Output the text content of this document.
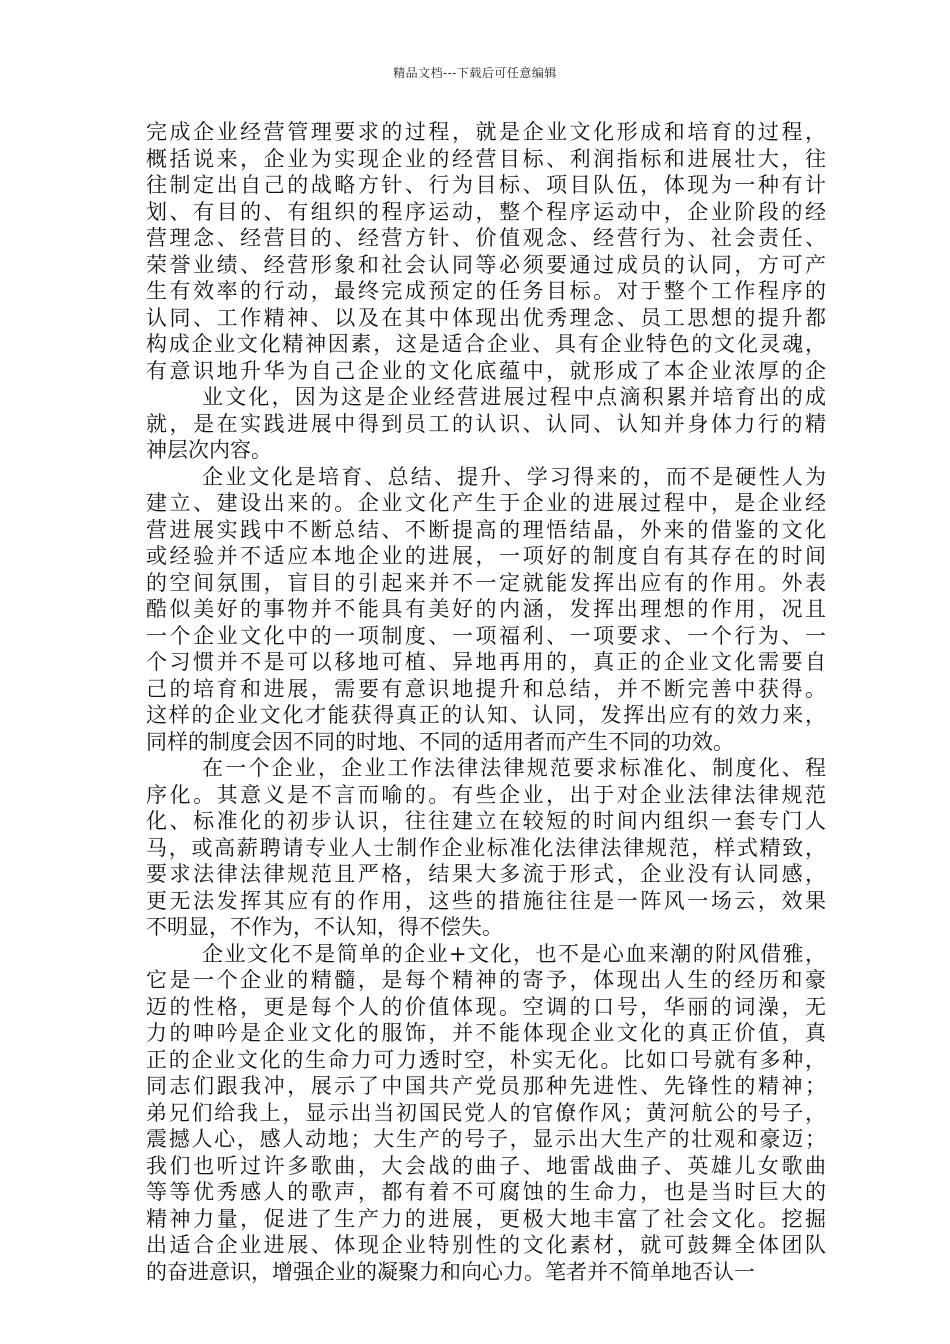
精品文档---下载后可任意编辑
完成企业经营管理要求的过程，就是企业文化形成和培育的过程，
概括说来，企业为实现企业的经营目标、利润指标和进展壮大，往
往制定出自己的战略方针、行为目标、项目队伍，体现为一种有计
划、有目的、有组织的程序运动，整个程序运动中，企业阶段的经
营理念、经营目的、经营方针、价值观念、经营行为、社会责任、
荣誉业绩、经营形象和社会认同等必须要通过成员的认同，方可产
生有效率的行动，最终完成预定的任务目标。对于整个工作程序的
认同、工作精神、以及在其中体现出优秀理念、员工思想的提升都
构成企业文化精神因素，这是适合企业、具有企业特色的文化灵魂，
有意识地升华为自己企业的文化底蕴中，就形成了本企业浓厚的企
业文化，因为这是企业经营进展过程中点滴积累并培育出的成
就，是在实践进展中得到员工的认识、认同、认知并身体力行的精
神层次内容。
企业文化是培育、总结、提升、学习得来的，而不是硬性人为
建立、建设出来的。企业文化产生于企业的进展过程中，是企业经
营进展实践中不断总结、不断提高的理悟结晶，外来的借鉴的文化
或经验并不适应本地企业的进展，一项好的制度自有其存在的时间
的空间氛围，盲目的引起来并不一定就能发挥出应有的作用。外表
酷似美好的事物并不能具有美好的内涵，发挥出理想的作用，况且
一个企业文化中的一项制度、一项福利、一项要求、一个行为、一
个习惯并不是可以移地可植、异地再用的，真正的企业文化需要自
己的培育和进展，需要有意识地提升和总结，并不断完善中获得。
这样的企业文化才能获得真正的认知、认同，发挥出应有的效力来，
同样的制度会因不同的时地、不同的适用者而产生不同的功效。
在一个企业，企业工作法律法律规范要求标准化、制度化、程
序化。其意义是不言而喻的。有些企业，出于对企业法律法律规范
化、标准化的初步认识，往往建立在较短的时间内组织一套专门人
马，或高薪聘请专业人士制作企业标准化法律法律规范，样式精致，
要求法律法律规范且严格，结果大多流于形式，企业没有认同感，
更无法发挥其应有的作用，这些的措施往往是一阵风一场云，效果
不明显，不作为，不认知，得不偿失。
企业文化不是简单的企业+文化，也不是心血来潮的附风借雅，
它是一个企业的精髓，是每个精神的寄予，体现出人生的经历和豪
迈的性格，更是每个人的价值体现。空调的口号，华丽的词澡，无
力的呻吟是企业文化的服饰，并不能体现企业文化的真正价值，真
正的企业文化的生命力可力透时空，朴实无化。比如口号就有多种，
同志们跟我冲，展示了中国共产党员那种先进性、先锋性的精神；
弟兄们给我上，显示出当初国民党人的官僚作风；黄河航公的号子，
震撼人心，感人动地；大生产的号子，显示出大生产的壮观和豪迈；
我们也听过许多歌曲，大会战的曲子、地雷战曲子、英雄儿女歌曲
等等优秀感人的歌声，都有着不可腐蚀的生命力，也是当时巨大的
精神力量，促进了生产力的进展，更极大地丰富了社会文化。挖掘
出适合企业进展、体现企业特别性的文化素材，就可鼓舞全体团队
的奋进意识，增强企业的凝聚力和向心力。笔者并不简单地否认一
